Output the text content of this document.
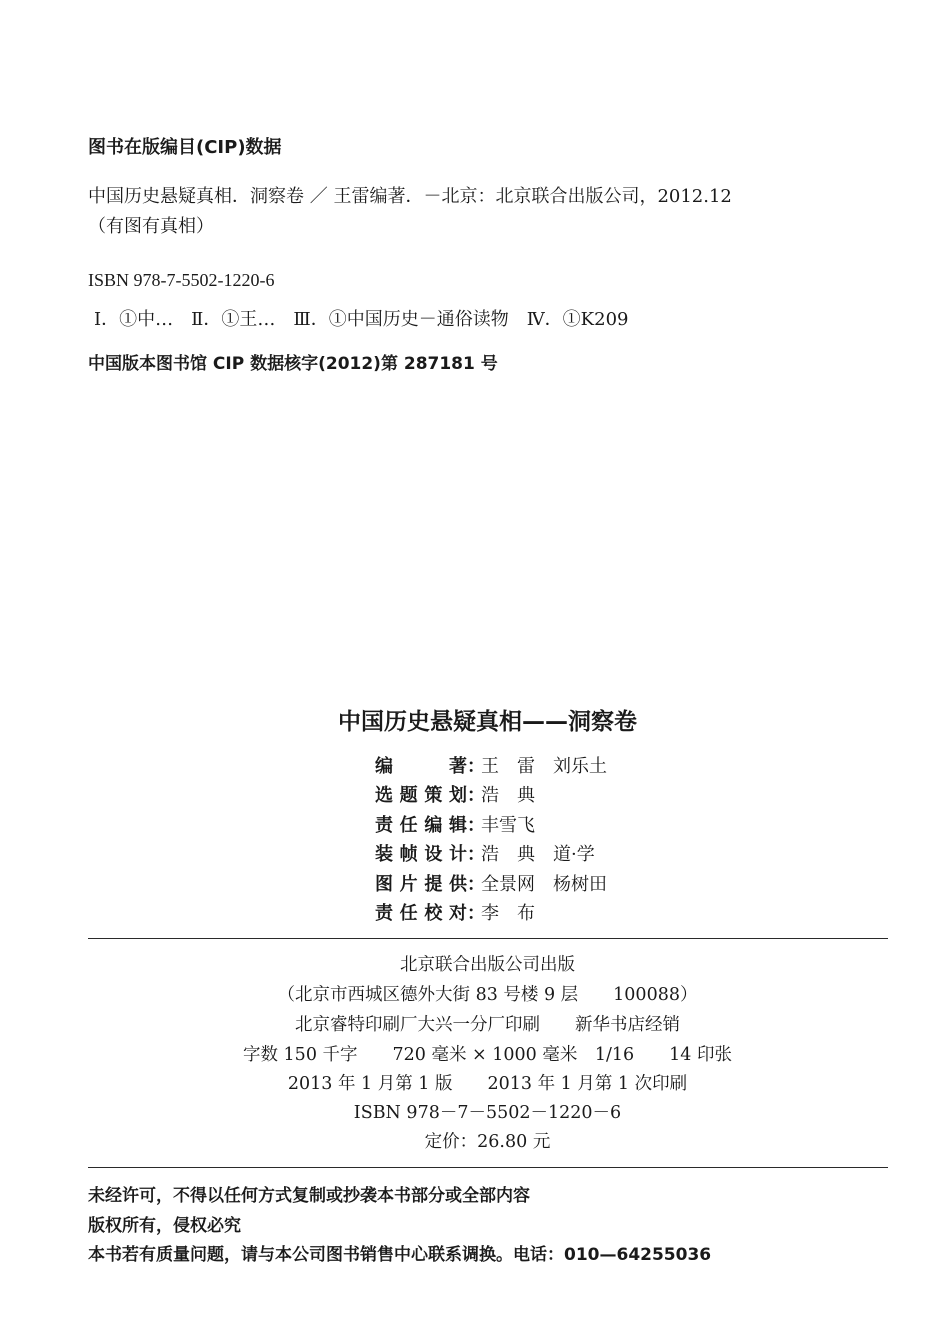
图书在版编目(CIP)数据
中国历史悬疑真相．洞察卷 ／ 王雷编著．－北京：北京联合出版公司，2012.12
（有图有真相）
ISBN 978-7-5502-1220-6
Ⅰ．①中…　Ⅱ．①王…　Ⅲ．①中国历史－通俗读物　Ⅳ．①K209
中国版本图书馆 CIP 数据核字(2012)第 287181 号
中国历史悬疑真相——洞察卷
编著 ：
王　雷　刘乐土
选题策划 ：
浩　典
责任编辑 ：
丰雪飞
装帧设计 ：
浩　典　道·学
图片提供 ：
全景网　杨树田
责任校对 ：
李　布
北京联合出版公司出版
（北京市西城区德外大街 83 号楼 9 层　　100088）
北京睿特印刷厂大兴一分厂印刷　　新华书店经销
字数 150 千字　　720 毫米 × 1000 毫米　1/16　　14 印张
2013 年 1 月第 1 版　　2013 年 1 月第 1 次印刷
ISBN 978－7－5502－1220－6
定价：26.80 元
未经许可，不得以任何方式复制或抄袭本书部分或全部内容
版权所有，侵权必究
本书若有质量问题，请与本公司图书销售中心联系调换。电话：010—64255036
